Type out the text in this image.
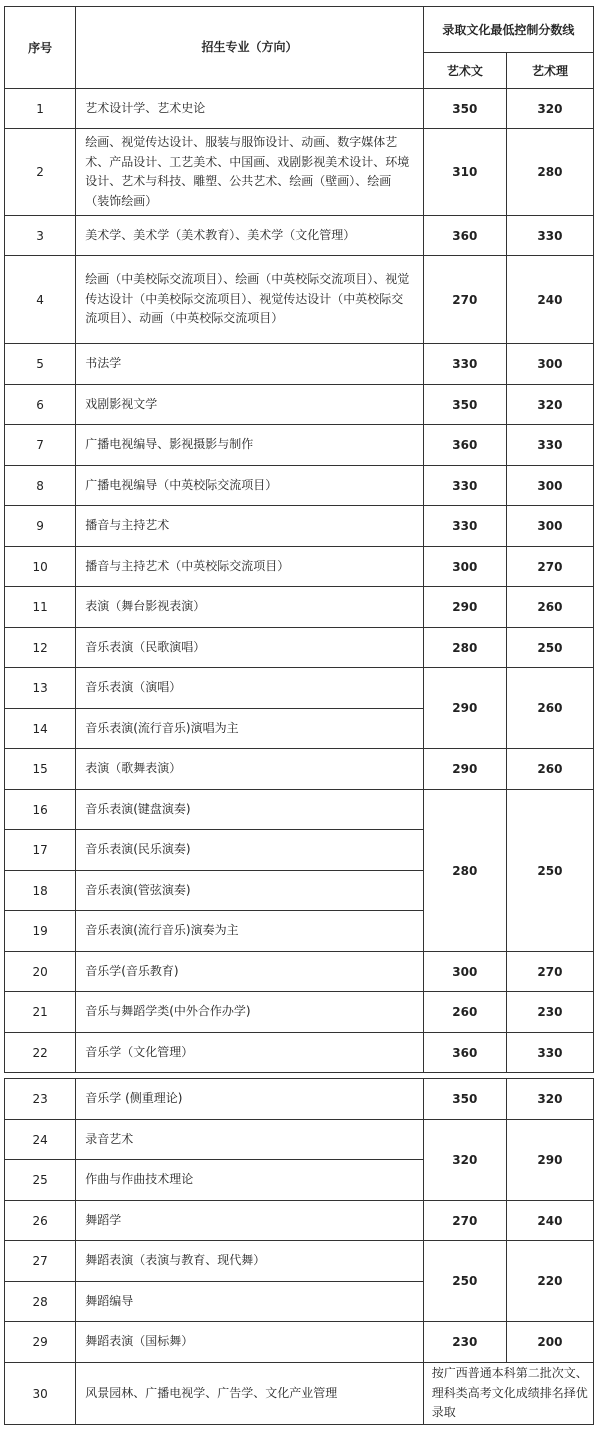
序号	招生专业（方向）	录取文化最低控制分数线	
		艺术文	艺术理
1	艺术设计学、艺术史论	350	320
2	绘画、视觉传达设计、服装与服饰设计、动画、数字媒体艺术、产品设计、工艺美术、中国画、戏剧影视美术设计、环境设计、艺术与科技、雕塑、公共艺术、绘画（壁画）、绘画（装饰绘画）	310	280
3	美术学、美术学（美术教育）、美术学（文化管理）	360	330
4	绘画（中美校际交流项目）、绘画（中英校际交流项目）、视觉传达设计（中美校际交流项目）、视觉传达设计（中英校际交流项目）、动画（中英校际交流项目）	270	240
5	书法学	330	300
6	戏剧影视文学	350	320
7	广播电视编导、影视摄影与制作	360	330
8	广播电视编导（中英校际交流项目）	330	300
9	播音与主持艺术	330	300
10	播音与主持艺术（中英校际交流项目）	300	270
11	表演（舞台影视表演）	290	260
12	音乐表演（民歌演唱）	280	250
13	音乐表演（演唱）	290	260
14	音乐表演(流行音乐)演唱为主		
15	表演（歌舞表演）	290	260
16	音乐表演(键盘演奏)	280	250
17	音乐表演(民乐演奏)		
18	音乐表演(管弦演奏)		
19	音乐表演(流行音乐)演奏为主		
20	音乐学(音乐教育)	300	270
21	音乐与舞蹈学类(中外合作办学)	260	230
22	音乐学（文化管理）	360	330
23	音乐学 (侧重理论)	350	320
24	录音艺术	320	290
25	作曲与作曲技术理论		
26	舞蹈学	270	240
27	舞蹈表演（表演与教育、现代舞）	250	220
28	舞蹈编导		
29	舞蹈表演（国标舞）	230	200
30	风景园林、广播电视学、广告学、文化产业管理	按广西普通本科第二批次文、理科类高考文化成绩排名择优录取	
